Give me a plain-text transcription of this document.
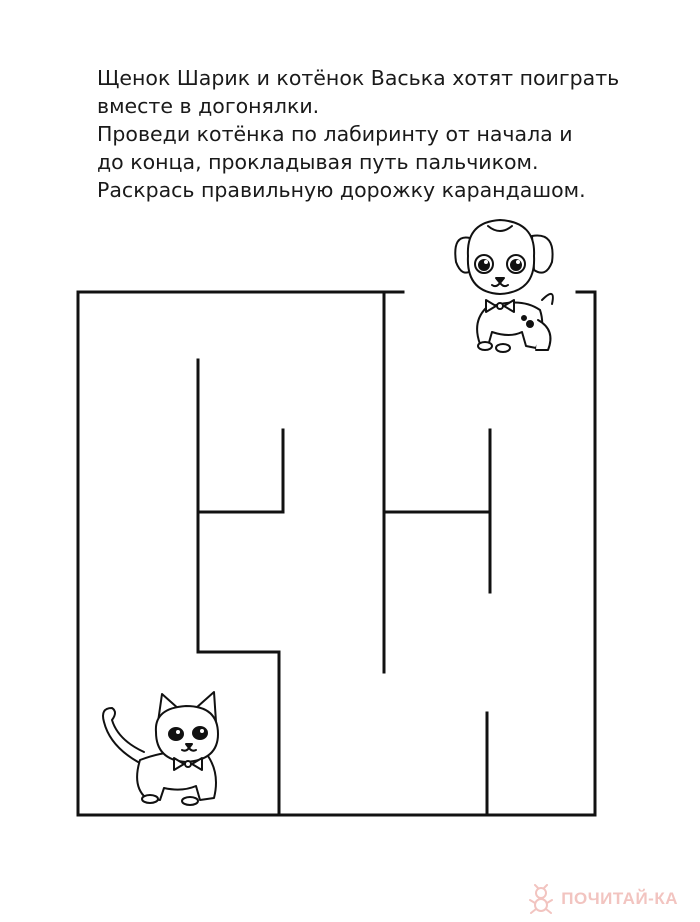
Щенок Шарик и котёнок Васька хотят поиграть
вместе в догонялки.
Проведи котёнка по лабиринту от начала и
до конца, прокладывая путь пальчиком.
Раскрась правильную дорожку карандашом.
ПОЧИТАЙ-КА
